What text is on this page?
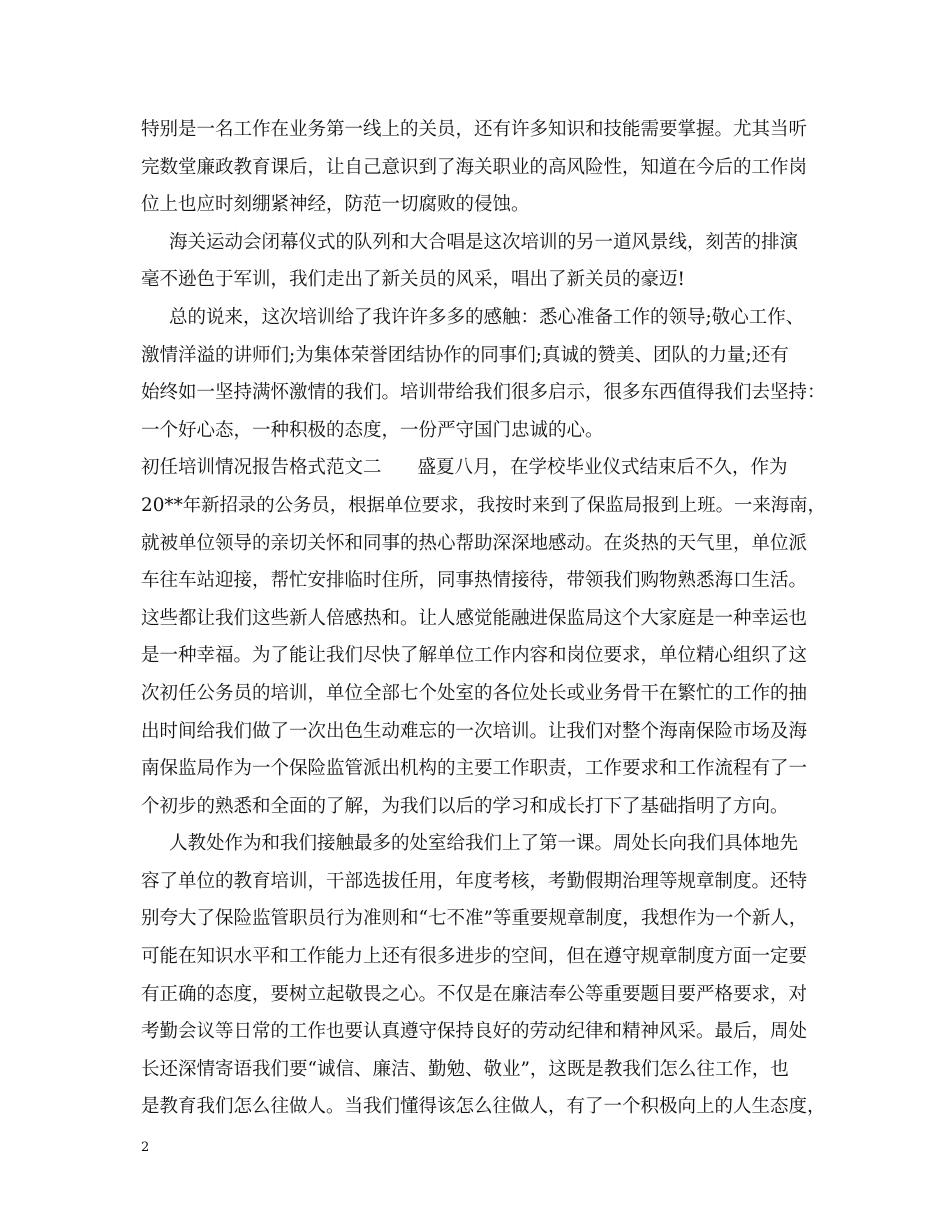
特别是一名工作在业务第一线上的关员，还有许多知识和技能需要掌握。尤其当听
完数堂廉政教育课后，让自己意识到了海关职业的高风险性，知道在今后的工作岗
位上也应时刻绷紧神经，防范一切腐败的侵蚀。
海关运动会闭幕仪式的队列和大合唱是这次培训的另一道风景线，刻苦的排演
毫不逊色于军训，我们走出了新关员的风采，唱出了新关员的豪迈!
总的说来，这次培训给了我许许多多的感触：悉心准备工作的领导;敬心工作、
激情洋溢的讲师们;为集体荣誉团结协作的同事们;真诚的赞美、团队的力量;还有
始终如一坚持满怀激情的我们。培训带给我们很多启示，很多东西值得我们去坚持：
一个好心态，一种积极的态度，一份严守国门忠诚的心。
初任培训情况报告格式范文二 盛夏八月，在学校毕业仪式结束后不久，作为
20**年新招录的公务员，根据单位要求，我按时来到了保监局报到上班。一来海南，
就被单位领导的亲切关怀和同事的热心帮助深深地感动。在炎热的天气里，单位派
车往车站迎接，帮忙安排临时住所，同事热情接待，带领我们购物熟悉海口生活。
这些都让我们这些新人倍感热和。让人感觉能融进保监局这个大家庭是一种幸运也
是一种幸福。为了能让我们尽快了解单位工作内容和岗位要求，单位精心组织了这
次初任公务员的培训，单位全部七个处室的各位处长或业务骨干在繁忙的工作的抽
出时间给我们做了一次出色生动难忘的一次培训。让我们对整个海南保险市场及海
南保监局作为一个保险监管派出机构的主要工作职责，工作要求和工作流程有了一
个初步的熟悉和全面的了解，为我们以后的学习和成长打下了基础指明了方向。
人教处作为和我们接触最多的处室给我们上了第一课。周处长向我们具体地先
容了单位的教育培训，干部选拔任用，年度考核，考勤假期治理等规章制度。还特
别夸大了保险监管职员行为准则和“七不准”等重要规章制度，我想作为一个新人，
可能在知识水平和工作能力上还有很多进步的空间，但在遵守规章制度方面一定要
有正确的态度，要树立起敬畏之心。不仅是在廉洁奉公等重要题目要严格要求，对
考勤会议等日常的工作也要认真遵守保持良好的劳动纪律和精神风采。最后，周处
长还深情寄语我们要“诚信、廉洁、勤勉、敬业”，这既是教我们怎么往工作，也
是教育我们怎么往做人。当我们懂得该怎么往做人，有了一个积极向上的人生态度，
2
